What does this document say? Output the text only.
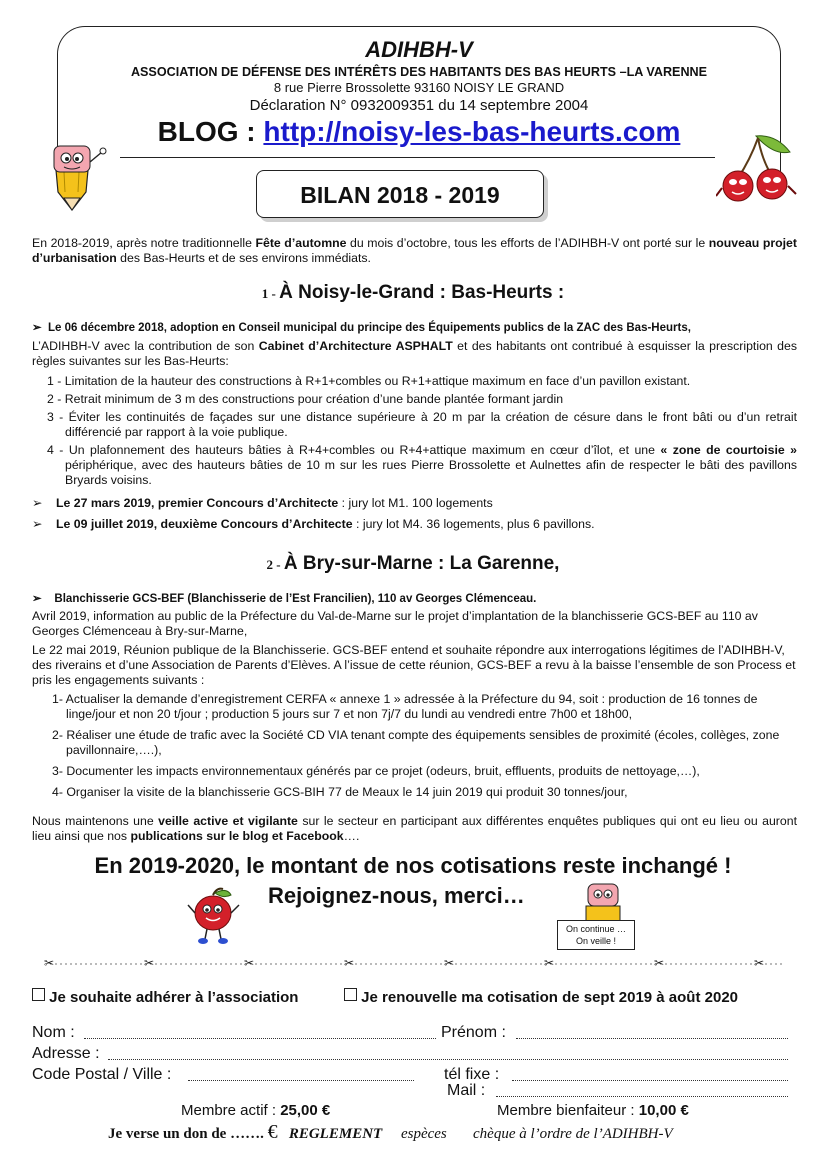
ADIHBH-V
ASSOCIATION DE DÉFENSE DES INTÉRÊTS DES HABITANTS DES BAS HEURTS –LA VARENNE
8 rue Pierre Brossolette 93160 NOISY LE GRAND
Déclaration N° 0932009351 du 14 septembre 2004
BLOG : http://noisy-les-bas-heurts.com
BILAN 2018 - 2019

En 2018-2019, après notre traditionnelle Fête d’automne du mois d’octobre, tous les efforts de l’ADIHBH-V ont porté sur le nouveau projet d’urbanisation des Bas-Heurts et de ses environs immédiats.

1 - À Noisy-le-Grand : Bas-Heurts :
➢ Le 06 décembre 2018, adoption en Conseil municipal du principe des Équipements publics de la ZAC des Bas-Heurts,

L’ADIHBH-V avec la contribution de son Cabinet d’Architecture ASPHALT et des habitants ont contribué à esquisser la prescription des règles suivantes sur les Bas-Heurts:

1 - Limitation de la hauteur des constructions à R+1+combles ou R+1+attique maximum en face d’un pavillon existant.
2 - Retrait minimum de 3 m des constructions pour création d’une bande plantée formant jardin
3 - Éviter les continuités de façades sur une distance supérieure à 20 m par la création de césure dans le front bâti ou d’un retrait différencié par rapport à la voie publique.
4 - Un plafonnement des hauteurs bâties à R+4+combles ou R+4+attique maximum en cœur d’îlot, et une « zone de courtoisie » périphérique, avec des hauteurs bâties de 10 m sur les rues Pierre Brossolette et Aulnettes afin de respecter le bâti des pavillons Bryards voisins.
➢ Le 27 mars 2019, premier Concours d’Architecte : jury lot M1. 100 logements
➢ Le 09 juillet 2019, deuxième Concours d’Architecte : jury lot M4. 36 logements, plus 6 pavillons.
2 - À Bry-sur-Marne : La Garenne,
➢ Blanchisserie GCS-BEF (Blanchisserie de l’Est Francilien), 110 av Georges Clémenceau.

Avril 2019, information au public de la Préfecture du Val-de-Marne sur le projet d’implantation de la blanchisserie GCS-BEF au 110 av Georges Clémenceau à Bry-sur-Marne,

Le 22 mai 2019, Réunion publique de la Blanchisserie. GCS-BEF entend et souhaite répondre aux interrogations légitimes de l’ADIHBH-V, des riverains et d’une Association de Parents d’Elèves. A l’issue de cette réunion, GCS-BEF a revu à la baisse l’ensemble de son Process et pris les engagements suivants :

1- Actualiser la demande d’enregistrement CERFA « annexe 1 » adressée à la Préfecture du 94, soit : production de 16 tonnes de linge/jour et non 20 t/jour ; production 5 jours sur 7 et non 7j/7 du lundi au vendredi entre 7h00 et 18h00,
2- Réaliser une étude de trafic avec la Société CD VIA tenant compte des équipements sensibles de proximité (écoles, collèges, zone pavillonnaire,….),
3- Documenter les impacts environnementaux générés par ce projet (odeurs, bruit, effluents, produits de nettoyage,…),
4- Organiser la visite de la blanchisserie GCS-BIH 77 de Meaux le 14 juin 2019 qui produit 30 tonnes/jour,

Nous maintenons une veille active et vigilante sur le secteur en participant aux différentes enquêtes publiques qui ont eu lieu ou auront lieu ainsi que nos publications sur le blog et Facebook….

En 2019-2020, le montant de nos cotisations reste inchangé !
Rejoignez-nous, merci…
On continue …
On veille !
✂	✂	✂	✂	✂	✂	✂	✂
Je souhaite adhérer à l’association	Je renouvelle ma cotisation de sept 2019 à août 2020
Nom :	Prénom :
Adresse :
Code Postal / Ville :	tél fixe :
Mail :
Membre actif : 25,00 €	Membre bienfaiteur : 10,00 €
Je verse un don de ……. € REGLEMENT espèces chèque à l’ordre de l’ADIHBH-V
